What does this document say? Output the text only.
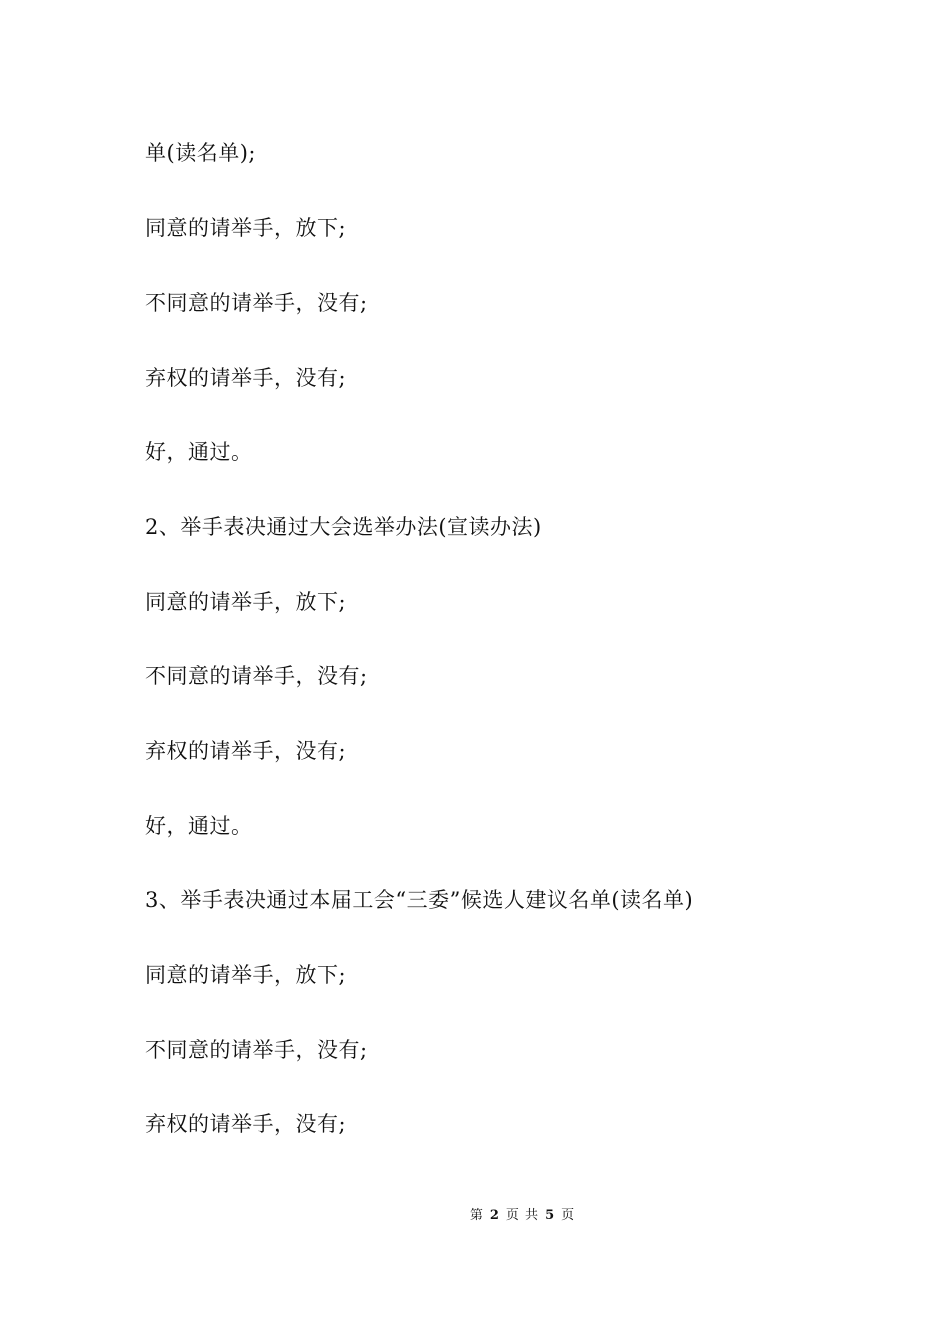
单(读名单);
同意的请举手，放下;
不同意的请举手，没有;
弃权的请举手，没有;
好，通过。
2、举手表决通过大会选举办法(宣读办法)
同意的请举手，放下;
不同意的请举手，没有;
弃权的请举手，没有;
好，通过。
3、举手表决通过本届工会“三委”候选人建议名单(读名单)
同意的请举手，放下;
不同意的请举手，没有;
弃权的请举手，没有;
第 2 页 共 5 页
